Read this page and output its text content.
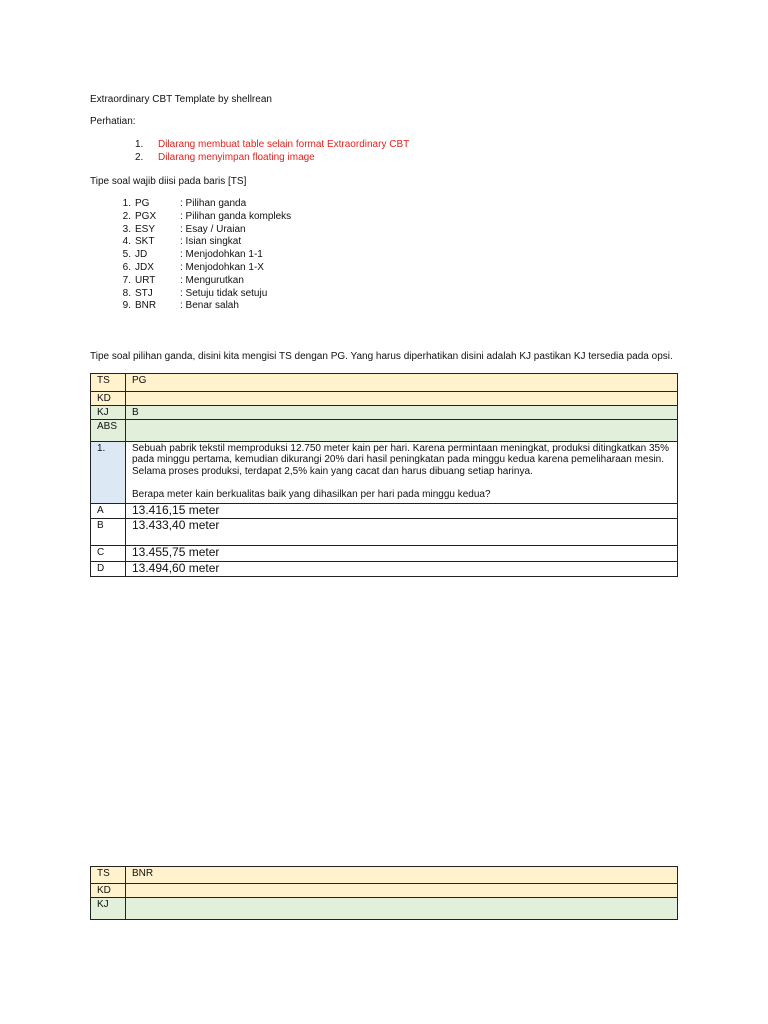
Extraordinary CBT Template by shellrean
Perhatian:
1. Dilarang membuat table selain format Extraordinary CBT
2. Dilarang menyimpan floating image
Tipe soal wajib diisi pada baris [TS]
1. PG	: Pilihan ganda
2. PGX : Pilihan ganda kompleks
3. ESY : Esay / Uraian
4. SKT	: Isian singkat
5. JD	: Menjodohkan 1-1
6. JDX	: Menjodohkan 1-X
7. URT : Mengurutkan
8. STJ	: Setuju tidak setuju
9. BNR : Benar salah
Tipe soal pilihan ganda, disini kita mengisi TS dengan PG. Yang harus diperhatikan disini adalah KJ pastikan KJ tersedia pada opsi.
TS	PG
KD	
KJ	B
ABS	
1.	Sebuah pabrik tekstil memproduksi 12.750 meter kain per hari. Karena permintaan meningkat, produksi ditingkatkan 35% pada minggu pertama, kemudian dikurangi 20% dari hasil peningkatan pada minggu kedua karena pemeliharaan mesin. Selama proses produksi, terdapat 2,5% kain yang cacat dan harus dibuang setiap harinya.
Berapa meter kain berkualitas baik yang dihasilkan per hari pada minggu kedua?

A	13.416,15 meter
B	13.433,40 meter
C	13.455,75 meter
D	13.494,60 meter
TS	BNR
KD	
KJ	
